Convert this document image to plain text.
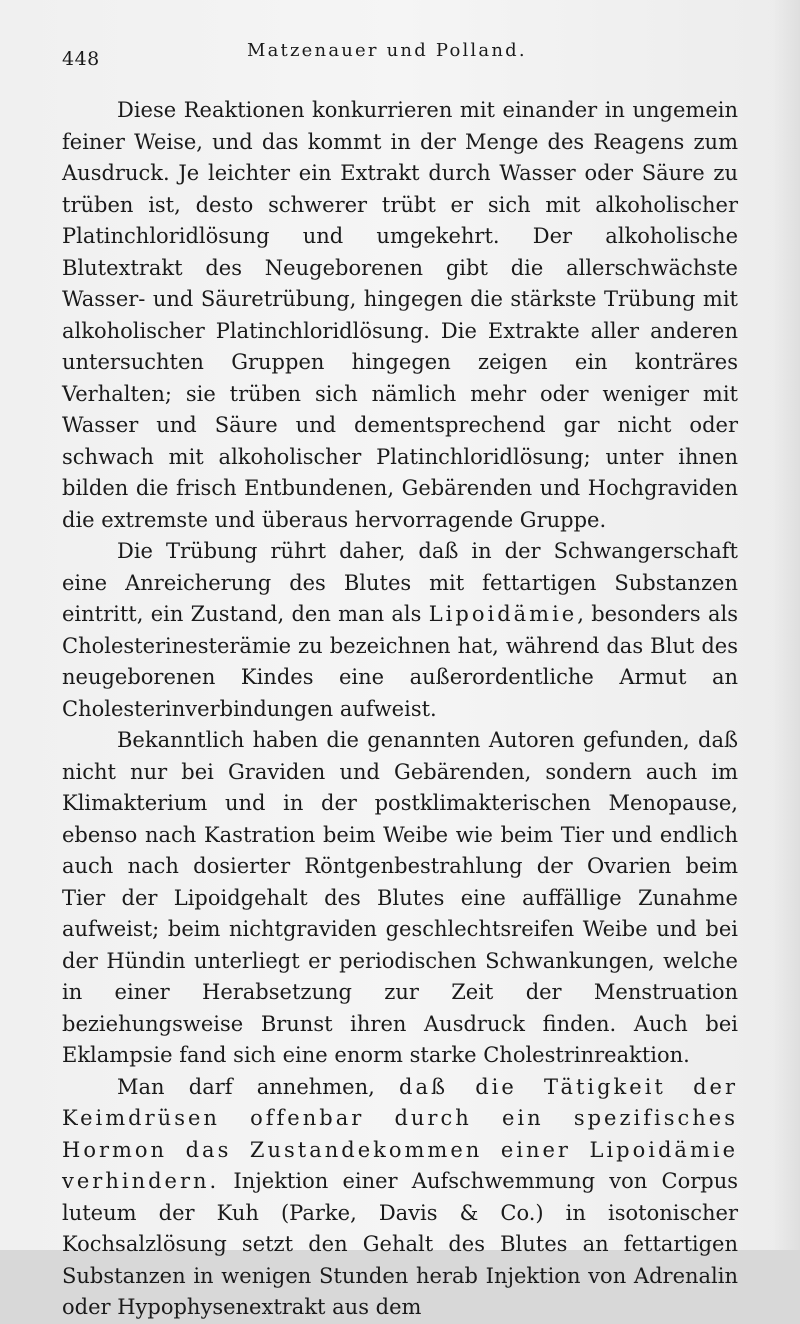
448	Matzenauer und Polland.

Diese Reaktionen konkurrieren mit einander in ungemein feiner Weise, und das kommt in der Menge des Reagens zum Ausdruck. Je leichter ein Extrakt durch Wasser oder Säure zu trüben ist, desto schwerer trübt er sich mit alkoholischer Platinchloridlösung und umgekehrt. Der alkoholische Blutextrakt des Neugeborenen gibt die allerschwächste Wasser- und Säuretrübung, hingegen die stärkste Trübung mit alkoholischer Platinchloridlösung. Die Extrakte aller anderen untersuchten Gruppen hingegen zeigen ein konträres Verhalten; sie trüben sich nämlich mehr oder weniger mit Wasser und Säure und dementsprechend gar nicht oder schwach mit alkoholischer Platinchloridlösung; unter ihnen bilden die frisch Entbundenen, Gebärenden und Hochgraviden die extremste und überaus hervorragende Gruppe.

Die Trübung rührt daher, daß in der Schwangerschaft eine Anreicherung des Blutes mit fettartigen Substanzen eintritt, ein Zustand, den man als Lipoidämie, besonders als Cholesterinesterämie zu bezeichnen hat, während das Blut des neugeborenen Kindes eine außerordentliche Armut an Cholesterinverbindungen aufweist.

Bekanntlich haben die genannten Autoren gefunden, daß nicht nur bei Graviden und Gebärenden, sondern auch im Klimakterium und in der postklimakterischen Menopause, ebenso nach Kastration beim Weibe wie beim Tier und endlich auch nach dosierter Röntgenbestrahlung der Ovarien beim Tier der Lipoidgehalt des Blutes eine auffällige Zunahme aufweist; beim nichtgraviden geschlechtsreifen Weibe und bei der Hündin unterliegt er periodischen Schwankungen, welche in einer Herabsetzung zur Zeit der Menstruation beziehungsweise Brunst ihren Ausdruck finden. Auch bei Eklampsie fand sich eine enorm starke Cholestrinreaktion.

Man darf annehmen, daß die Tätigkeit der Keimdrüsen offenbar durch ein spezifisches Hormon das Zustandekommen einer Lipoidämie verhindern. Injektion einer Aufschwemmung von Corpus luteum der Kuh (Parke, Davis & Co.) in isotonischer Kochsalzlösung setzt den Gehalt des Blutes an fettartigen Substanzen in wenigen Stunden herab Injektion von Adrenalin oder Hypophysenextrakt aus dem
